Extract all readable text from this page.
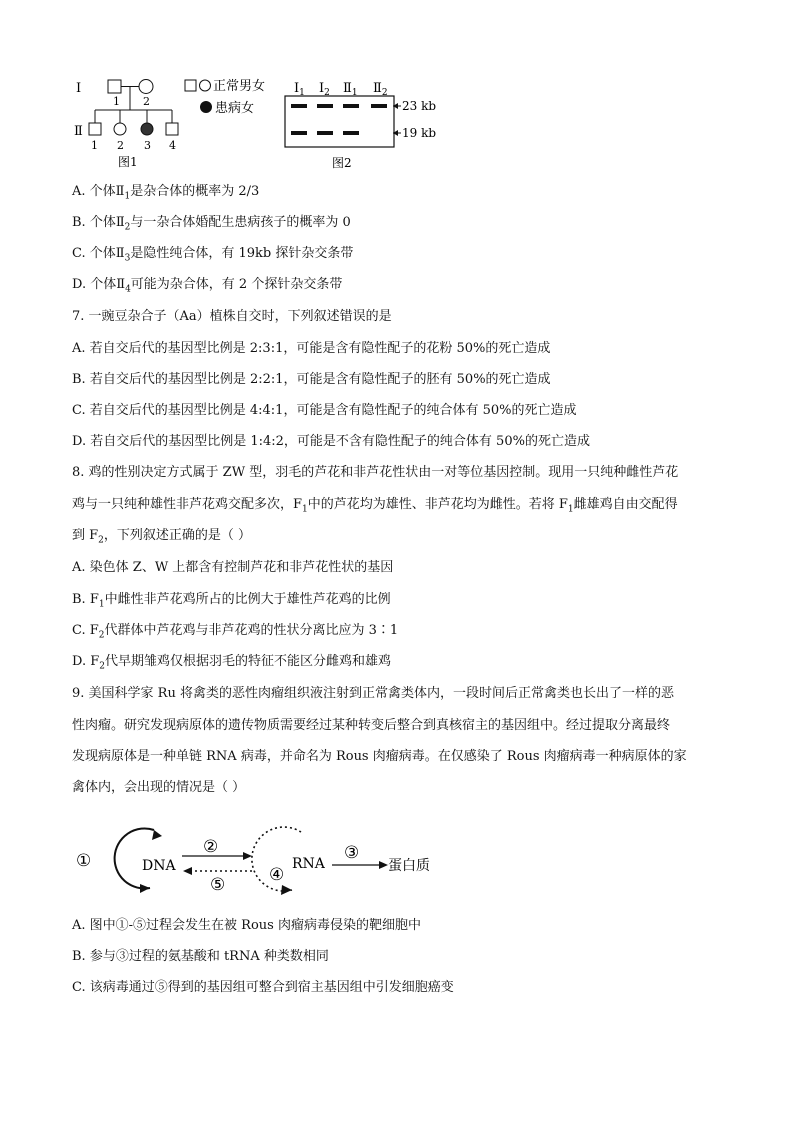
I
Ⅱ
1 2
1 2 3 4
图1
正常男女
患病女
$I_1$ $I_2$ $Ⅱ_1$ $Ⅱ_2$
23 kb
19 kb
图2
A. 个体$Ⅱ_1$是杂合体的概率为 2/3
B. 个体$Ⅱ_2$与一杂合体婚配生患病孩子的概率为 0
C. 个体$Ⅱ_3$是隐性纯合体，有 19kb 探针杂交条带
D. 个体$Ⅱ_4$可能为杂合体，有 2 个探针杂交条带
7. 一豌豆杂合子（Aa）植株自交时，下列叙述错误的是
A. 若自交后代的基因型比例是 2:3:1，可能是含有隐性配子的花粉 50%的死亡造成
B. 若自交后代的基因型比例是 2:2:1，可能是含有隐性配子的胚有 50%的死亡造成
C. 若自交后代的基因型比例是 4:4:1，可能是含有隐性配子的纯合体有 50%的死亡造成
D. 若自交后代的基因型比例是 1:4:2，可能是不含有隐性配子的纯合体有 50%的死亡造成
8. 鸡的性别决定方式属于 ZW 型，羽毛的芦花和非芦花性状由一对等位基因控制。现用一只纯种雌性芦花
鸡与一只纯种雄性非芦花鸡交配多次，$F_1$中的芦花均为雄性、非芦花均为雌性。若将 $F_1$雌雄鸡自由交配得
到 $F_2$，下列叙述正确的是（ ）
A. 染色体 Z、W 上都含有控制芦花和非芦花性状的基因
B. $F_1$中雌性非芦花鸡所占的比例大于雄性芦花鸡的比例
C. $F_2$代群体中芦花鸡与非芦花鸡的性状分离比应为 3∶1
D. $F_2$代早期雏鸡仅根据羽毛的特征不能区分雌鸡和雄鸡
9. 美国科学家 Ru 将禽类的恶性肉瘤组织液注射到正常禽类体内，一段时间后正常禽类也长出了一样的恶
性肉瘤。研究发现病原体的遗传物质需要经过某种转变后整合到真核宿主的基因组中。经过提取分离最终
发现病原体是一种单链 RNA 病毒，并命名为 Rous 肉瘤病毒。在仅感染了 Rous 肉瘤病毒一种病原体的家
禽体内，会出现的情况是（ ）
①	DNA
②
⑤	④
RNA
③
蛋白质
A. 图中①-⑤过程会发生在被 Rous 肉瘤病毒侵染的靶细胞中
B. 参与③过程的氨基酸和 tRNA 种类数相同
C. 该病毒通过⑤得到的基因组可整合到宿主基因组中引发细胞癌变
